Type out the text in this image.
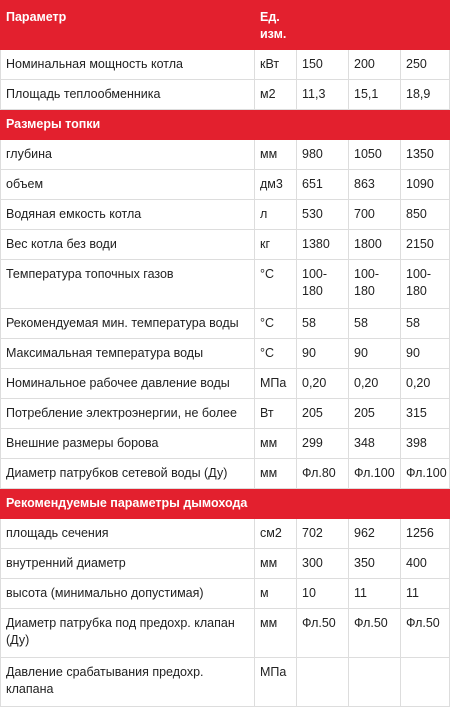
Параметр	Ед. изм.			
Номинальная мощность котла	кВт	150	200	250
Площадь теплообменника	м2	11,3	15,1	18,9
Размеры топки				
глубина	мм	980	1050	1350
объем	дм3	651	863	1090
Водяная емкость котла	л	530	700	850
Вес котла без води	кг	1380	1800	2150
Температура топочных газов	°С	100-180	100-180	100-180
Рекомендуемая мин. температура воды	°С	58	58	58
Максимальная температура воды	°С	90	90	90
Номинальное рабочее давление воды	МПа	0,20	0,20	0,20
Потребление электроэнергии, не более	Вт	205	205	315
Внешние размеры борова	мм	299	348	398
Диаметр патрубков сетевой воды (Ду)	мм	Фл.80	Фл.100	Фл.100
Рекомендуемые параметры дымохода				
площадь сечения	см2	702	962	1256
внутренний диаметр	мм	300	350	400
высота (минимально допустимая)	м	10	11	11
Диаметр патрубка под предохр. клапан (Ду)	мм	Фл.50	Фл.50	Фл.50
Давление срабатывания предохр. клапана	МПа			
